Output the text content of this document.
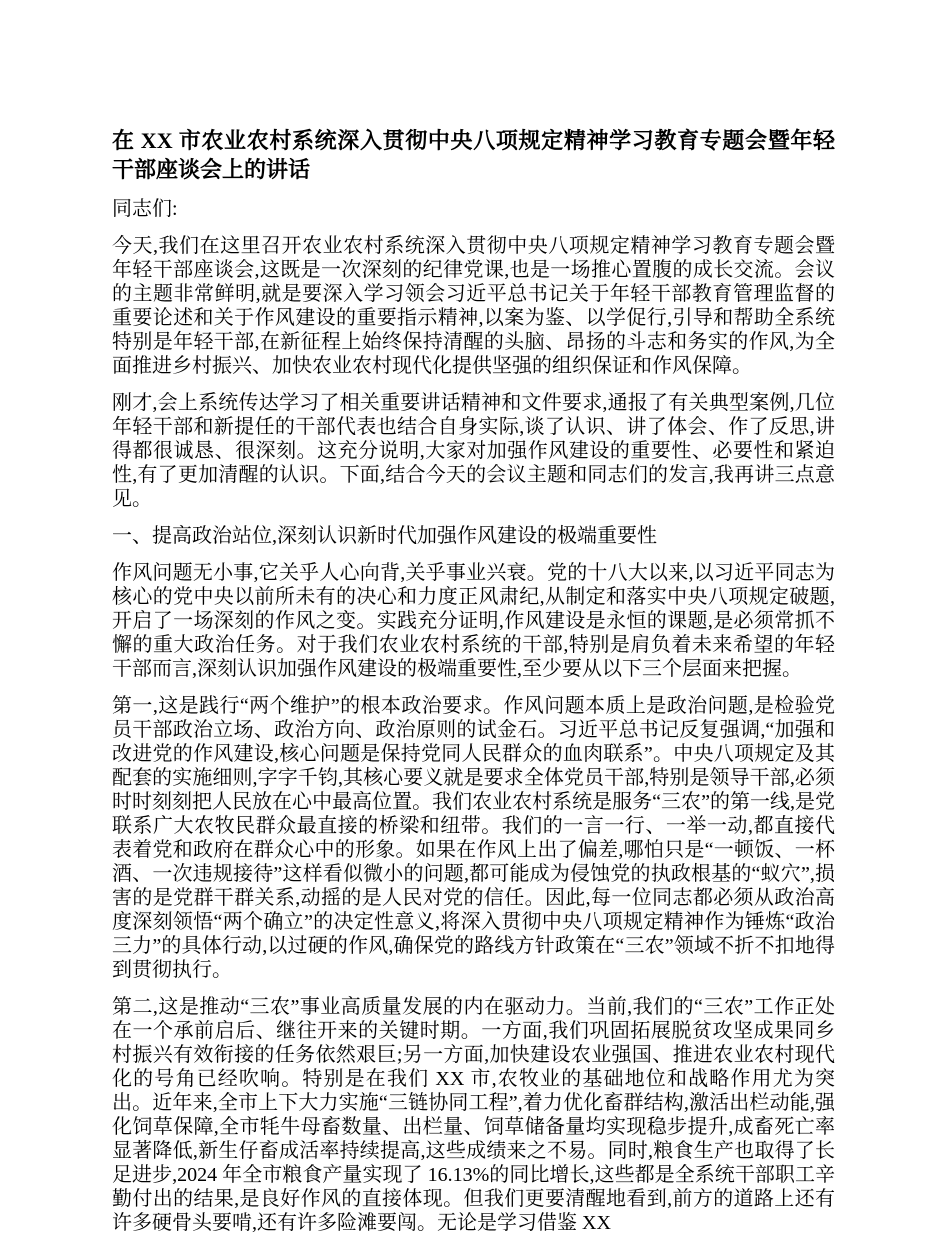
在 XX 市农业农村系统深入贯彻中央八项规定精神学习教育专题会暨年轻干部座谈会上的讲话

同志们:

今天,我们在这里召开农业农村系统深入贯彻中央八项规定精神学习教育专题会暨年轻干部座谈会,这既是一次深刻的纪律党课,也是一场推心置腹的成长交流。会议的主题非常鲜明,就是要深入学习领会习近平总书记关于年轻干部教育管理监督的重要论述和关于作风建设的重要指示精神,以案为鉴、以学促行,引导和帮助全系统特别是年轻干部,在新征程上始终保持清醒的头脑、昂扬的斗志和务实的作风,为全面推进乡村振兴、加快农业农村现代化提供坚强的组织保证和作风保障。

刚才,会上系统传达学习了相关重要讲话精神和文件要求,通报了有关典型案例,几位年轻干部和新提任的干部代表也结合自身实际,谈了认识、讲了体会、作了反思,讲得都很诚恳、很深刻。这充分说明,大家对加强作风建设的重要性、必要性和紧迫性,有了更加清醒的认识。下面,结合今天的会议主题和同志们的发言,我再讲三点意见。

一、提高政治站位,深刻认识新时代加强作风建设的极端重要性

作风问题无小事,它关乎人心向背,关乎事业兴衰。党的十八大以来,以习近平同志为核心的党中央以前所未有的决心和力度正风肃纪,从制定和落实中央八项规定破题,开启了一场深刻的作风之变。实践充分证明,作风建设是永恒的课题,是必须常抓不懈的重大政治任务。对于我们农业农村系统的干部,特别是肩负着未来希望的年轻干部而言,深刻认识加强作风建设的极端重要性,至少要从以下三个层面来把握。

第一,这是践行“两个维护”的根本政治要求。作风问题本质上是政治问题,是检验党员干部政治立场、政治方向、政治原则的试金石。习近平总书记反复强调,“加强和改进党的作风建设,核心问题是保持党同人民群众的血肉联系”。中央八项规定及其配套的实施细则,字字千钧,其核心要义就是要求全体党员干部,特别是领导干部,必须时时刻刻把人民放在心中最高位置。我们农业农村系统是服务“三农”的第一线,是党联系广大农牧民群众最直接的桥梁和纽带。我们的一言一行、一举一动,都直接代表着党和政府在群众心中的形象。如果在作风上出了偏差,哪怕只是“一顿饭、一杯酒、一次违规接待”这样看似微小的问题,都可能成为侵蚀党的执政根基的“蚁穴”,损害的是党群干群关系,动摇的是人民对党的信任。因此,每一位同志都必须从政治高度深刻领悟“两个确立”的决定性意义,将深入贯彻中央八项规定精神作为锤炼“政治三力”的具体行动,以过硬的作风,确保党的路线方针政策在“三农”领域不折不扣地得到贯彻执行。

第二,这是推动“三农”事业高质量发展的内在驱动力。当前,我们的“三农”工作正处在一个承前启后、继往开来的关键时期。一方面,我们巩固拓展脱贫攻坚成果同乡村振兴有效衔接的任务依然艰巨;另一方面,加快建设农业强国、推进农业农村现代化的号角已经吹响。特别是在我们 XX 市,农牧业的基础地位和战略作用尤为突出。近年来,全市上下大力实施“三链协同工程”,着力优化畜群结构,激活出栏动能,强化饲草保障,全市牦牛母畜数量、出栏量、饲草储备量均实现稳步提升,成畜死亡率显著降低,新生仔畜成活率持续提高,这些成绩来之不易。同时,粮食生产也取得了长足进步,2024 年全市粮食产量实现了 16.13%的同比增长,这些都是全系统干部职工辛勤付出的结果,是良好作风的直接体现。但我们更要清醒地看到,前方的道路上还有许多硬骨头要啃,还有许多险滩要闯。无论是学习借鉴 XX
